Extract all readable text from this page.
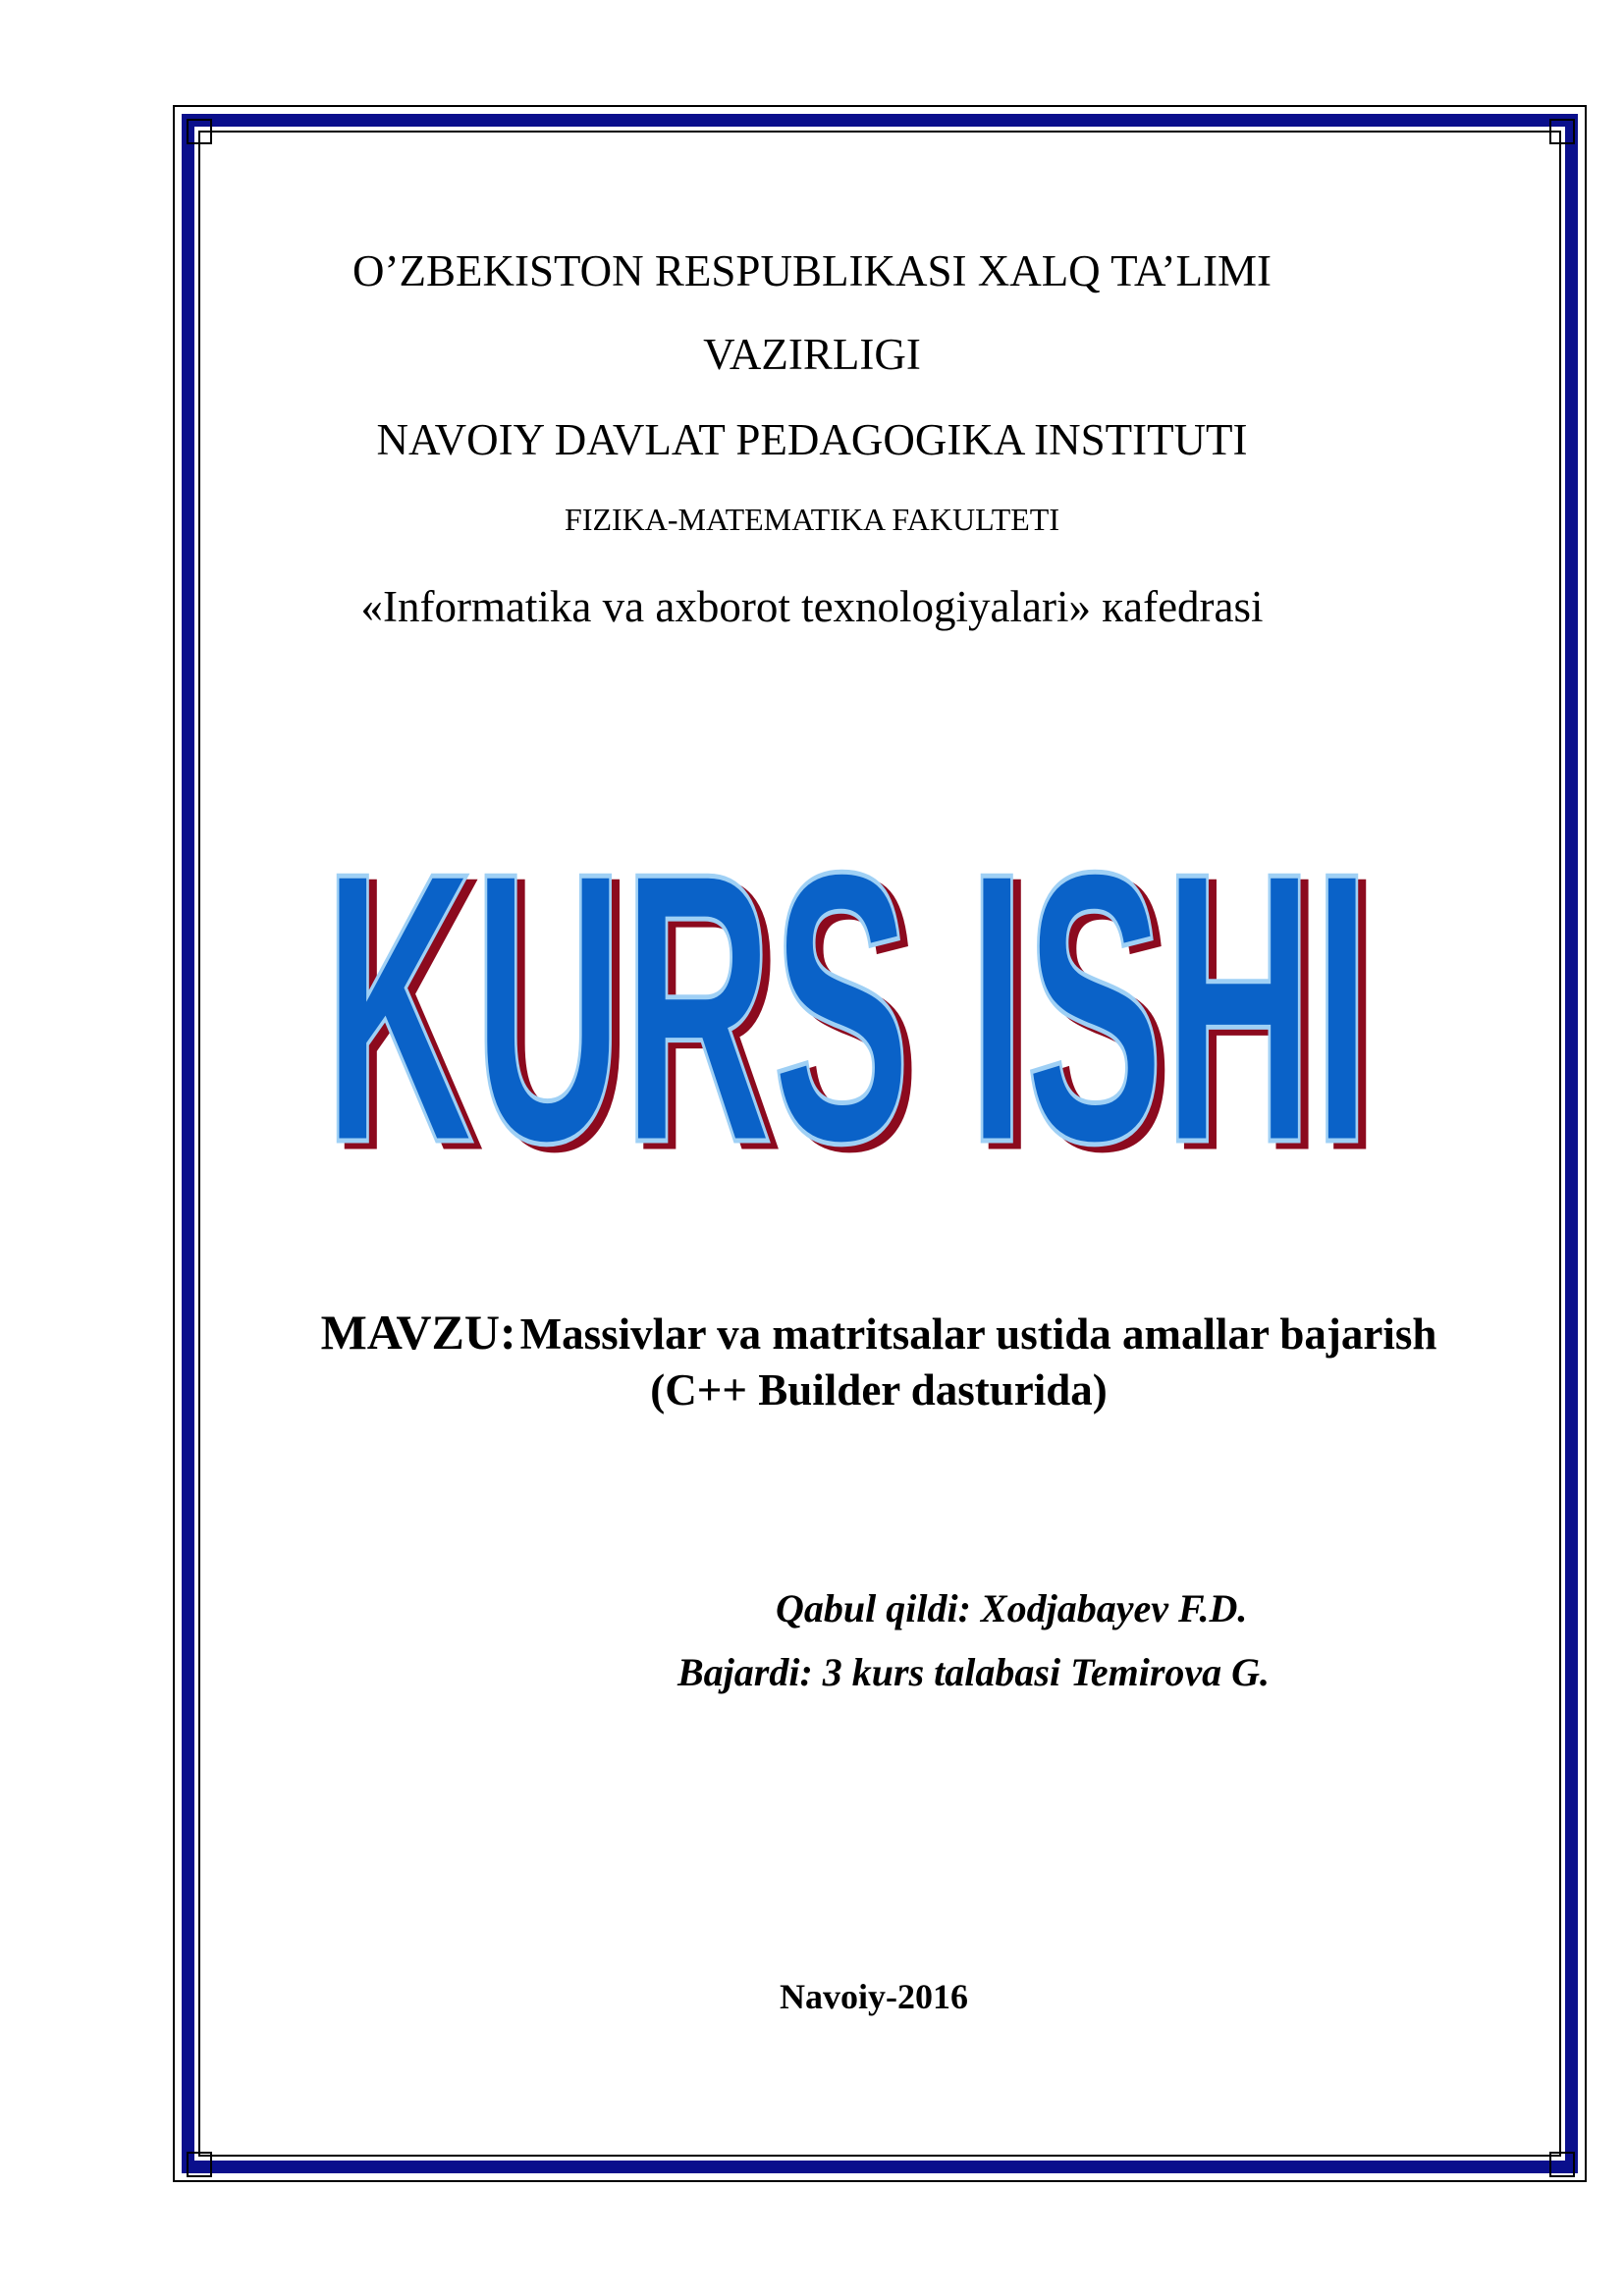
O’ZBEKISTON RESPUBLIKASI XALQ TA’LIMI

VAZIRLIGI

NAVOIY DAVLAT PEDAGOGIKA INSTITUTI

FIZIKA-MATEMATIKA FAKULTETI

«Informatika va axborot texnologiyalari» кafedrasi

KURS ISHI
KURS ISHI
MAVZU: Massivlar va matritsalar ustida amallar bajarish
(C++ Builder dasturida)
Qabul qildi: Xodjabayev F.D.
Bajardi: 3 kurs talabasi Temirova G.
Navoiy-2016
